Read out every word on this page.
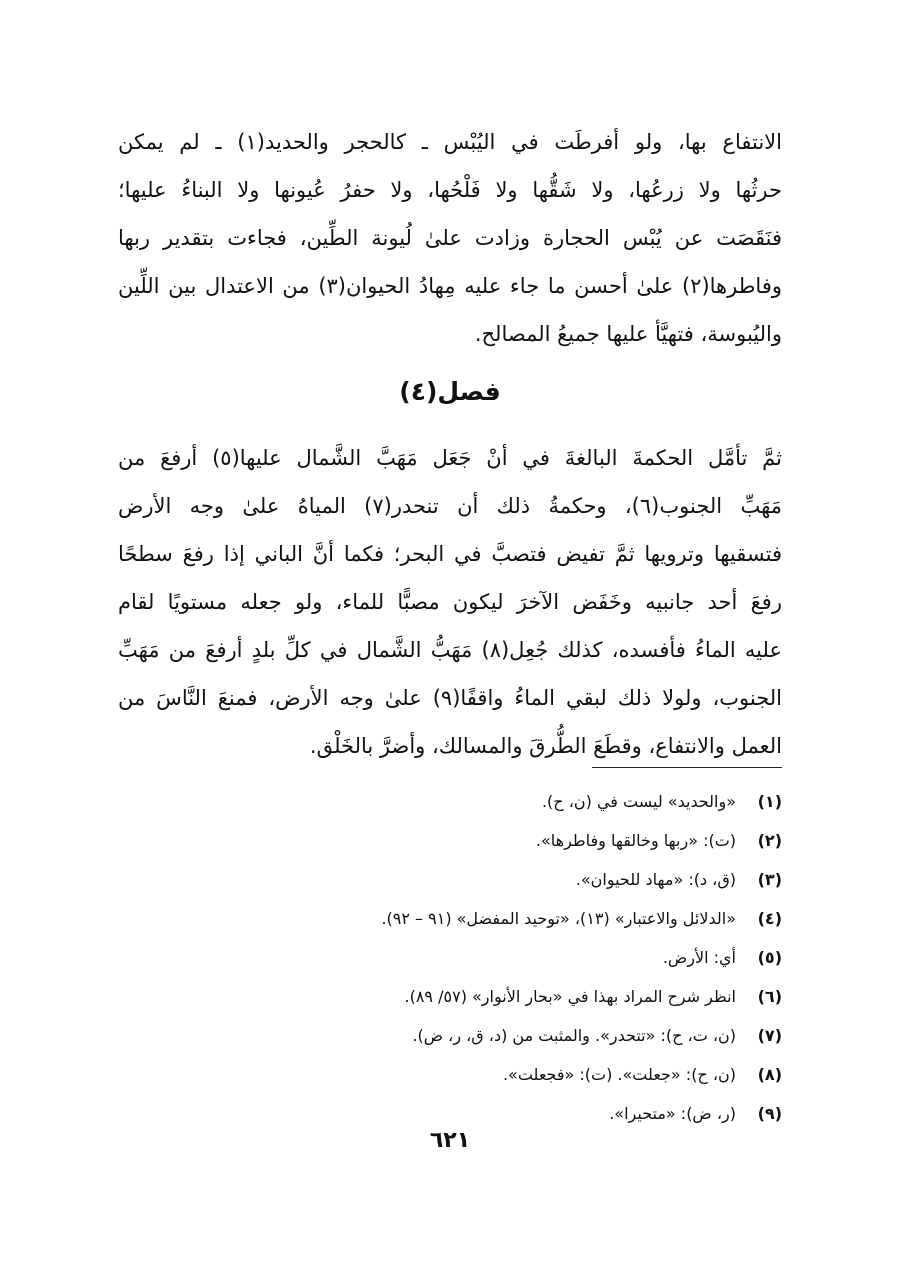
الانتفاع بها، ولو أفرطَت في اليُبْس ـ كالحجر والحديد(١) ـ لم يمكن
حرثُها ولا زرعُها، ولا شَقُّها ولا فَلْحُها، ولا حفرُ عُيونها ولا البناءُ عليها؛
فنَقَصَت عن يُبْس الحجارة وزادت علىٰ لُيونة الطِّين، فجاءت بتقدير ربها
وفاطرها(٢) علىٰ أحسن ما جاء عليه مِهادُ الحيوان(٣) من الاعتدال بين اللِّين
واليُبوسة، فتهيَّأ عليها جميعُ المصالح.
فصل(٤)
ثمَّ تأمَّل الحكمةَ البالغةَ في أنْ جَعَل مَهَبَّ الشَّمال عليها(٥) أرفعَ من
مَهَبِّ الجنوب(٦)، وحكمةُ ذلك أن تنحدر(٧) المياهُ علىٰ وجه الأرض
فتسقيها وترويها ثمَّ تفيض فتصبَّ في البحر؛ فكما أنَّ الباني إذا رفعَ سطحًا
رفعَ أحد جانبيه وخَفَض الآخرَ ليكون مصبًّا للماء، ولو جعله مستويًا لقام
عليه الماءُ فأفسده، كذلك جُعِل(٨) مَهَبُّ الشَّمال في كلِّ بلدٍ أرفعَ من مَهَبِّ
الجنوب، ولولا ذلك لبقي الماءُ واقفًا(٩) علىٰ وجه الأرض، فمنعَ النَّاسَ من
العمل والانتفاع، وقطَعَ الطُّرقَ والمسالك، وأضرَّ بالخَلْق.
(١)
«والحديد» ليست في (ن، ح).
(٢)
(ت): «ربها وخالقها وفاطرها».
(٣)
(ق، د): «مهاد للحيوان».
(٤)
«الدلائل والاعتبار» (١٣)، «توحيد المفضل» (٩١ – ٩٢).
(٥)
أي: الأرض.
(٦)
انظر شرح المراد بهذا في «بحار الأنوار» (٥٧/ ٨٩).
(٧)
(ن، ت، ح): «تتحدر». والمثبت من (د، ق، ر، ض).
(٨)
(ن، ح): «جعلت». (ت): «فجعلت».
(٩)
(ر، ض): «متحيرا».
٦٢١
